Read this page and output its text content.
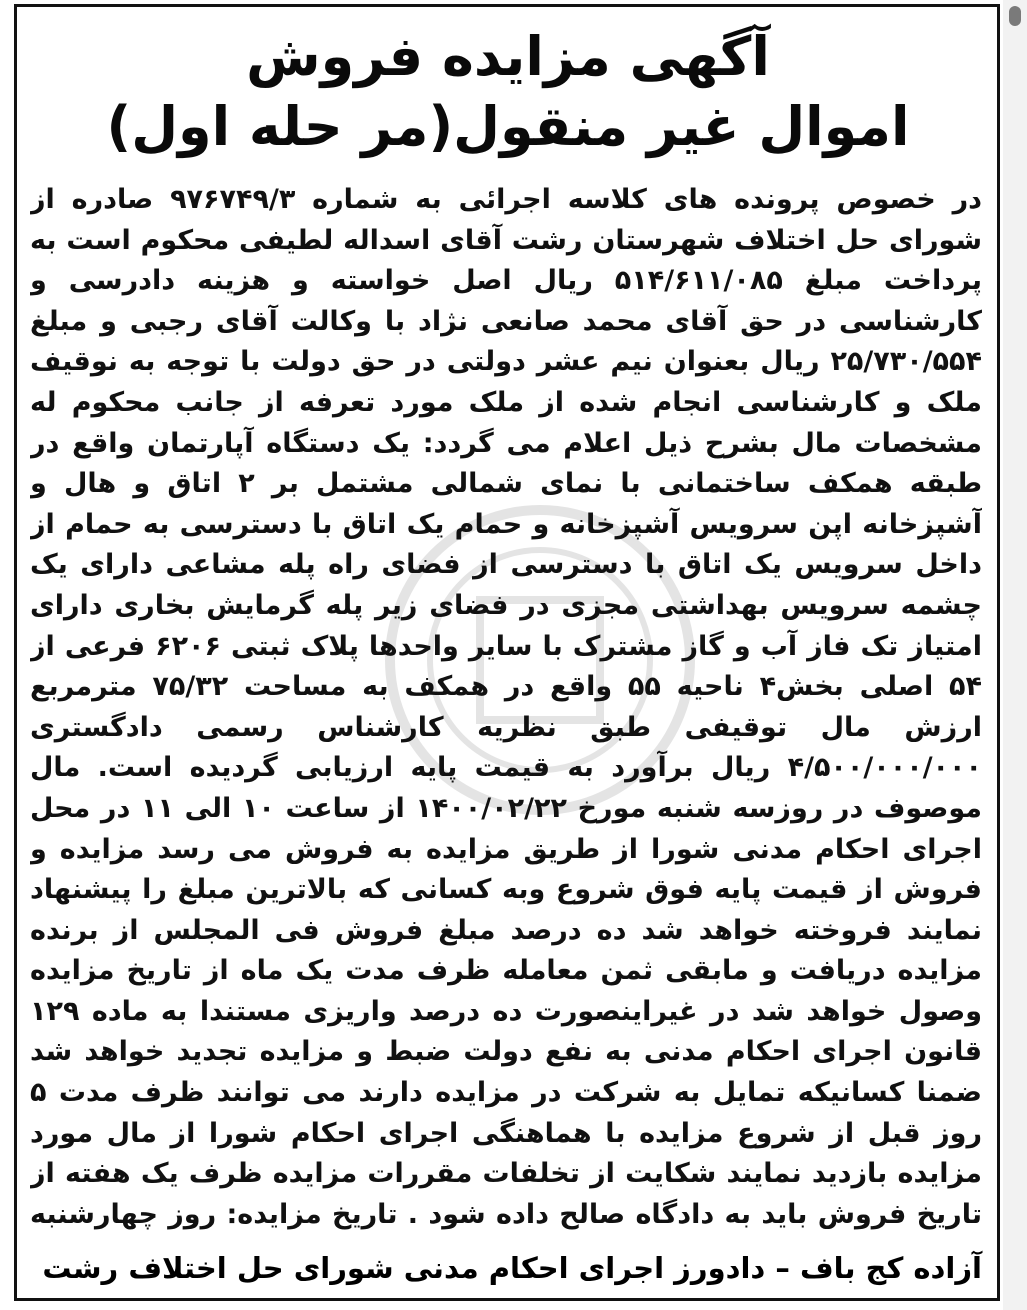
آگهی مزایده فروش
اموال غیر منقول(مر حله اول)

در خصوص پرونده های کلاسه اجرائی به شماره ۹۷۶۷۴۹/۳ صادره از شورای حل اختلاف شهرستان رشت آقای اسداله لطیفی محکوم است به پرداخت مبلغ ۵۱۴/۶۱۱/۰۸۵ ریال اصل خواسته و هزینه دادرسی و کارشناسی در حق آقای محمد صانعی نژاد با وکالت آقای رجبی و مبلغ ۲۵/۷۳۰/۵۵۴ ریال بعنوان نیم عشر دولتی در حق دولت با توجه به نوقیف ملک و کارشناسی انجام شده از ملک مورد تعرفه از جانب محکوم له مشخصات مال بشرح ذیل اعلام می گردد: یک دستگاه آپارتمان واقع در طبقه همکف ساختمانی با نمای شمالی مشتمل بر ۲ اتاق و هال و آشپزخانه اپن سرویس آشپزخانه و حمام یک اتاق با دسترسی به حمام از داخل سرویس یک اتاق با دسترسی از فضای راه پله مشاعی دارای یک چشمه سرویس بهداشتی مجزی در فضای زیر پله گرمایش بخاری دارای امتیاز تک فاز آب و گاز مشترک با سایر واحدها پلاک ثبتی ۶۲۰۶ فرعی از ۵۴ اصلی بخش۴ ناحیه ۵۵ واقع در همکف به مساحت ۷۵/۳۲ مترمربع ارزش مال توقیفی طبق نظریه کارشناس رسمی دادگستری ۴/۵۰۰/۰۰۰/۰۰۰ ریال برآورد به قیمت پایه ارزیابی گردیده است. مال موصوف در روزسه شنبه مورخ ۱۴۰۰/۰۲/۲۲ از ساعت ۱۰ الی ۱۱ در محل اجرای احکام مدنی شورا از طریق مزایده به فروش می رسد مزایده و فروش از قیمت پایه فوق شروع وبه کسانی که بالاترین مبلغ را پیشنهاد نمایند فروخته خواهد شد ده درصد مبلغ فروش فی المجلس از برنده مزایده دریافت و مابقی ثمن معامله ظرف مدت یک ماه از تاریخ مزایده وصول خواهد شد در غیراینصورت ده درصد واریزی مستندا به ماده ۱۲۹ قانون اجرای احکام مدنی به نفع دولت ضبط و مزایده تجدید خواهد شد ضمنا کسانیکه تمایل به شرکت در مزایده دارند می توانند ظرف مدت ۵ روز قبل از شروع مزایده با هماهنگی اجرای احکام شورا از مال مورد مزایده بازدید نمایند شکایت از تخلفات مقررات مزایده ظرف یک هفته از تاریخ فروش باید به دادگاه صالح داده شود . تاریخ مزایده: روز چهارشنبه

آزاده کج باف – دادورز اجرای احکام مدنی شورای حل اختلاف رشت
